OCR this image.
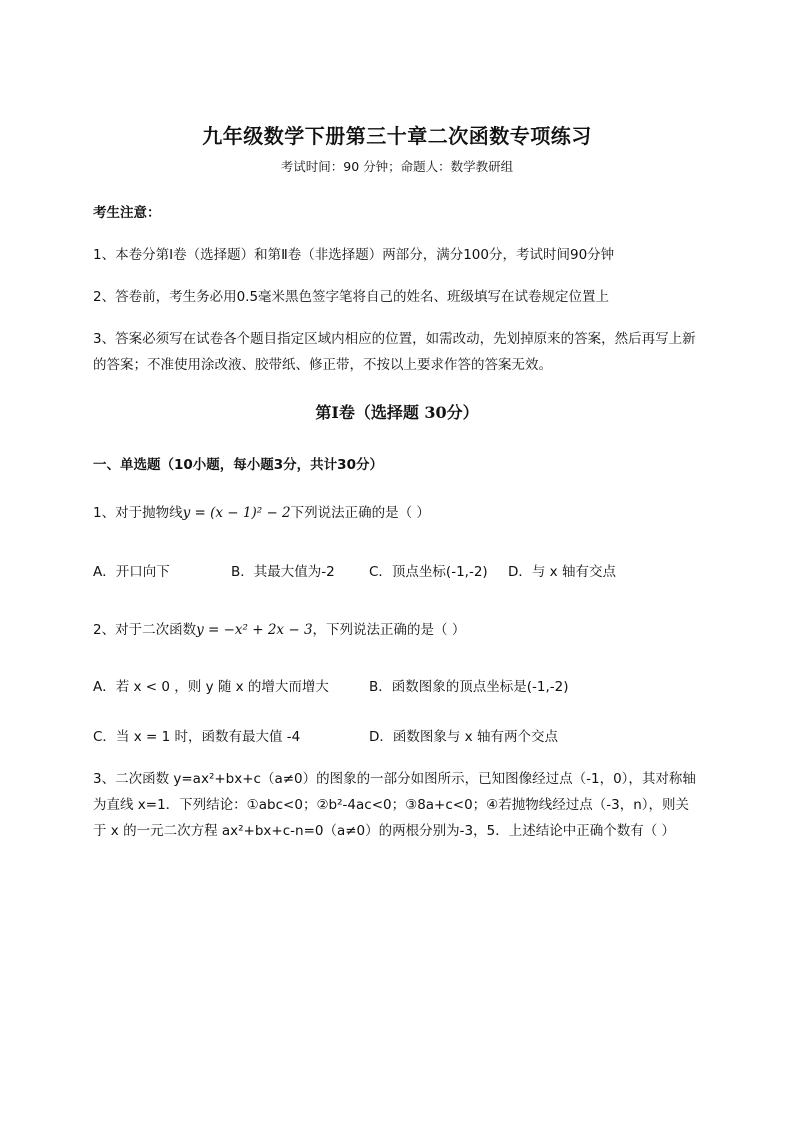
九年级数学下册第三十章二次函数专项练习
考试时间：90 分钟；命题人：数学教研组
考生注意：
1、本卷分第Ⅰ卷（选择题）和第Ⅱ卷（非选择题）两部分，满分100分，考试时间90分钟
2、答卷前，考生务必用0.5毫米黑色签字笔将自己的姓名、班级填写在试卷规定位置上
3、答案必须写在试卷各个题目指定区域内相应的位置，如需改动，先划掉原来的答案，然后再写上新
的答案；不准使用涂改液、胶带纸、修正带，不按以上要求作答的答案无效。
第Ⅰ卷（选择题 30分）
一、单选题（10小题，每小题3分，共计30分）
1、对于抛物线y = (x − 1)² − 2下列说法正确的是（ ）
A．开口向下	B．其最大值为-2	C．顶点坐标(-1,-2) D．与 x 轴有交点
2、对于二次函数y = −x² + 2x − 3，下列说法正确的是（ ）
A．若 x < 0 ，则 y 随 x 的增大而增大	B．函数图象的顶点坐标是(-1,-2)
C．当 x = 1 时，函数有最大值 -4	D．函数图象与 x 轴有两个交点
3、二次函数 y=ax²+bx+c（a≠0）的图象的一部分如图所示，已知图像经过点（-1，0），其对称轴
为直线 x=1．下列结论：①abc<0；②b²-4ac<0；③8a+c<0；④若抛物线经过点（-3，n），则关
于 x 的一元二次方程 ax²+bx+c-n=0（a≠0）的两根分别为-3，5．上述结论中正确个数有（ ）
